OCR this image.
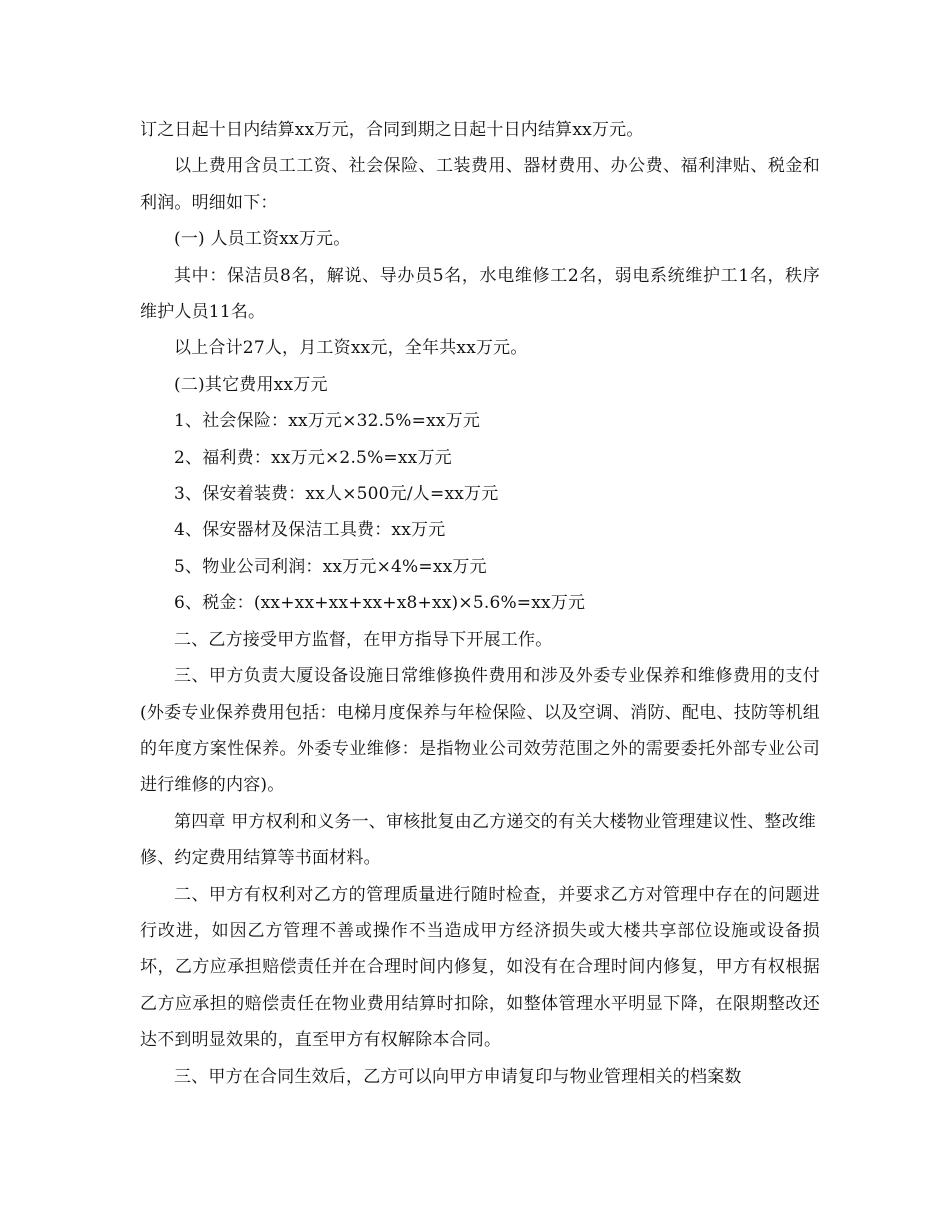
订之日起十日内结算xx万元，合同到期之日起十日内结算xx万元。

以上费用含员工工资、社会保险、工装费用、器材费用、办公费、福利津贴、税金和利润。明细如下：

(一) 人员工资xx万元。

其中：保洁员8名，解说、导办员5名，水电维修工2名，弱电系统维护工1名，秩序维护人员11名。

以上合计27人，月工资xx元，全年共xx万元。

(二)其它费用xx万元

1、社会保险：xx万元×32.5%=xx万元

2、福利费：xx万元×2.5%=xx万元

3、保安着装费：xx人×500元/人=xx万元

4、保安器材及保洁工具费：xx万元

5、物业公司利润：xx万元×4%=xx万元

6、税金：(xx+xx+xx+xx+x8+xx)×5.6%=xx万元

二、乙方接受甲方监督，在甲方指导下开展工作。

三、甲方负责大厦设备设施日常维修换件费用和涉及外委专业保养和维修费用的支付(外委专业保养费用包括：电梯月度保养与年检保险、以及空调、消防、配电、技防等机组的年度方案性保养。外委专业维修：是指物业公司效劳范围之外的需要委托外部专业公司进行维修的内容)。

第四章 甲方权利和义务一、审核批复由乙方递交的有关大楼物业管理建议性、整改维修、约定费用结算等书面材料。

二、甲方有权利对乙方的管理质量进行随时检查，并要求乙方对管理中存在的问题进行改进，如因乙方管理不善或操作不当造成甲方经济损失或大楼共享部位设施或设备损坏，乙方应承担赔偿责任并在合理时间内修复，如没有在合理时间内修复，甲方有权根据乙方应承担的赔偿责任在物业费用结算时扣除，如整体管理水平明显下降，在限期整改还达不到明显效果的，直至甲方有权解除本合同。

三、甲方在合同生效后，乙方可以向甲方申请复印与物业管理相关的档案数
